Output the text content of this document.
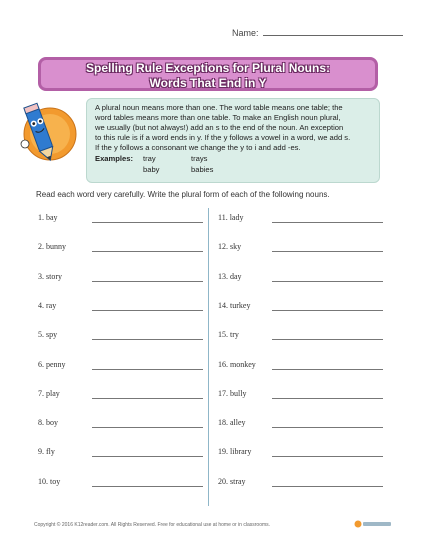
Name:
Spelling Rule Exceptions for Plural Nouns:
Words That End in Y
A plural noun means more than one. The word table means one table; the
word tables means more than one table. To make an English noun plural,
we usually (but not always!) add an s to the end of the noun. An exception
to this rule is if a word ends in y. If the y follows a vowel in a word, we add s.
If the y follows a consonant we change the y to i and add -es.
Examples: tray	trays
baby	babies
Read each word very carefully. Write the plural form of each of the following nouns.
1. bay
2. bunny
3. story
4. ray
5. spy
6. penny
7. play
8. boy
9. fly
10. toy
11. lady
12. sky
13. day
14. turkey
15. try
16. monkey
17. bully
18. alley
19. library
20. stray
Copyright © 2016 K12reader.com. All Rights Reserved. Free for educational use at home or in classrooms.
